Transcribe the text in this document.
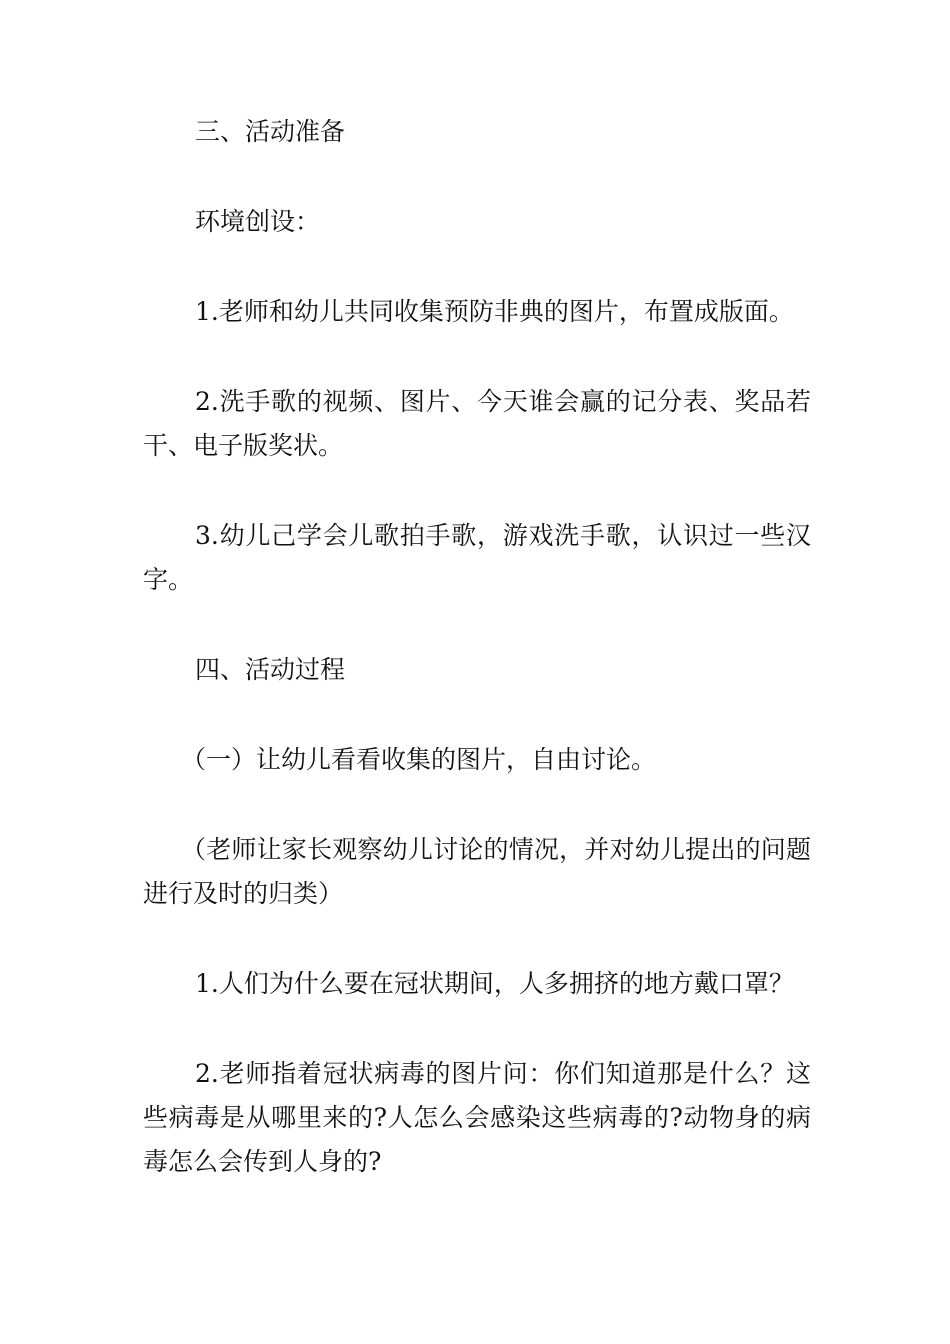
三、活动准备

环境创设：

1.老师和幼儿共同收集预防非典的图片，布置成版面。

2.洗手歌的视频、图片、今天谁会赢的记分表、奖品若干、电子版奖状。

3.幼儿己学会儿歌拍手歌，游戏洗手歌，认识过一些汉字。

四、活动过程

（一）让幼儿看看收集的图片，自由讨论。

（老师让家长观察幼儿讨论的情况，并对幼儿提出的问题进行及时的归类）

1.人们为什么要在冠状期间，人多拥挤的地方戴口罩？

2.老师指着冠状病毒的图片问：你们知道那是什么？这些病毒是从哪里来的?人怎么会感染这些病毒的?动物身的病毒怎么会传到人身的?
